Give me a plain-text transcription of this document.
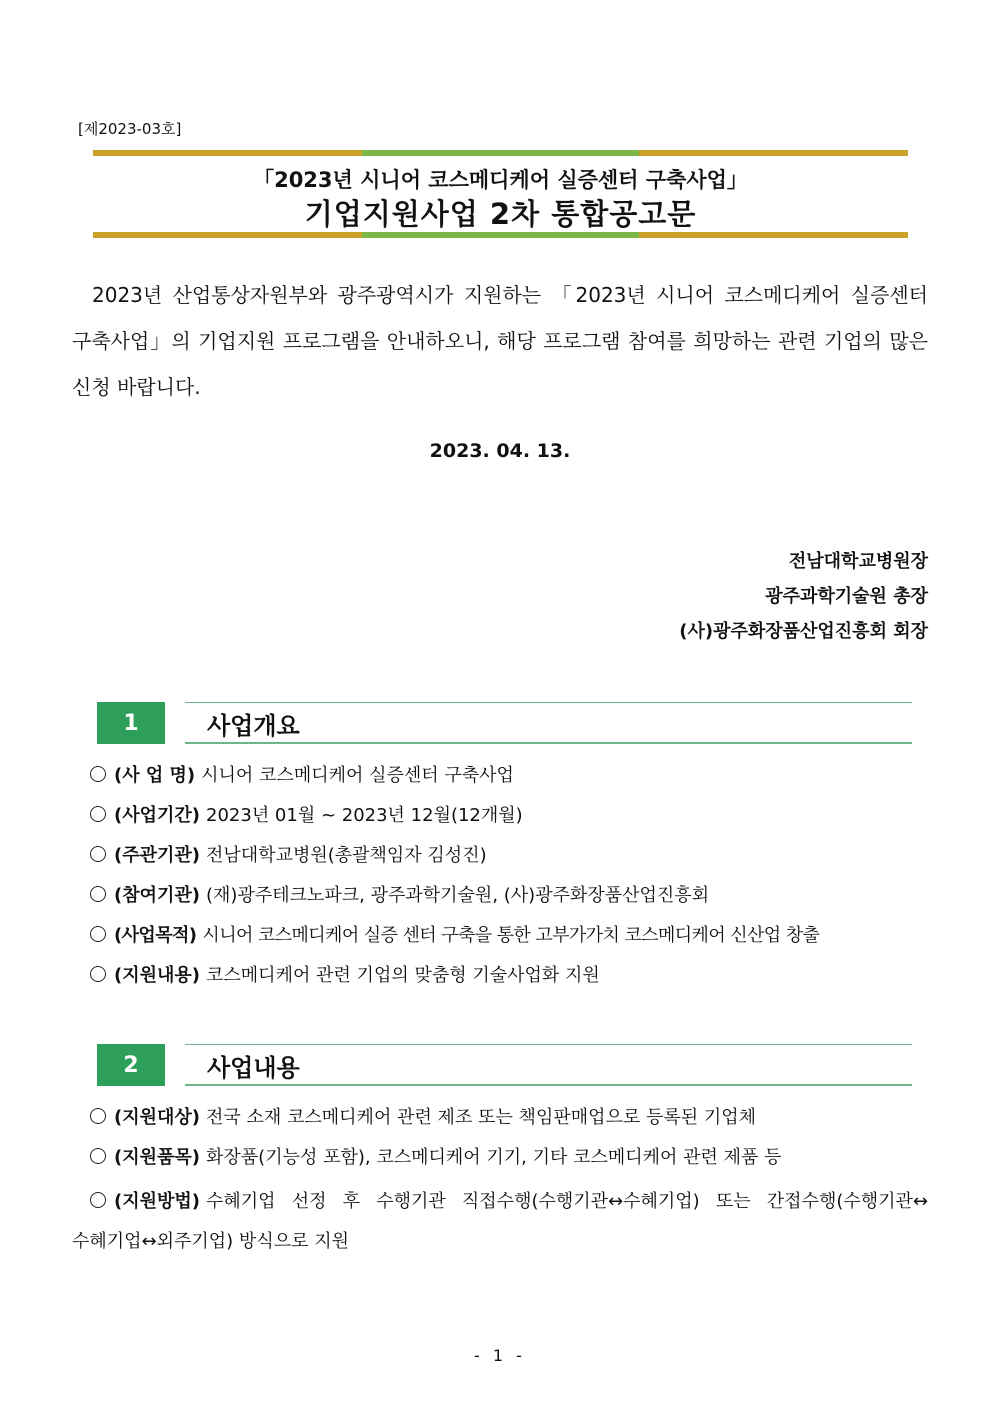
[제2023-03호]
「2023년 시니어 코스메디케어 실증센터 구축사업」
기업지원사업 2차 통합공고문
2023년 산업통상자원부와 광주광역시가 지원하는 「2023년 시니어 코스메디케어 실증센터 구축사업」의 기업지원 프로그램을 안내하오니, 해당 프로그램 참여를 희망하는 관련 기업의 많은 신청 바랍니다.
2023. 04. 13.
전남대학교병원장
광주과학기술원 총장
(사)광주화장품산업진흥회 회장
1	사업개요
(사 업 명) 시니어 코스메디케어 실증센터 구축사업
(사업기간) 2023년 01월 ~ 2023년 12월(12개월)
(주관기관) 전남대학교병원(총괄책임자 김성진)
(참여기관) (재)광주테크노파크, 광주과학기술원, (사)광주화장품산업진흥회
(사업목적) 시니어 코스메디케어 실증 센터 구축을 통한 고부가가치 코스메디케어 신산업 창출
(지원내용) 코스메디케어 관련 기업의 맞춤형 기술사업화 지원
2	사업내용
(지원대상) 전국 소재 코스메디케어 관련 제조 또는 책임판매업으로 등록된 기업체
(지원품목) 화장품(기능성 포함), 코스메디케어 기기, 기타 코스메디케어 관련 제품 등
(지원방법) 수혜기업 선정 후 수행기관 직접수행(수행기관↔수혜기업) 또는 간접수행(수행기관↔수혜기업↔외주기업) 방식으로 지원
- 1 -
